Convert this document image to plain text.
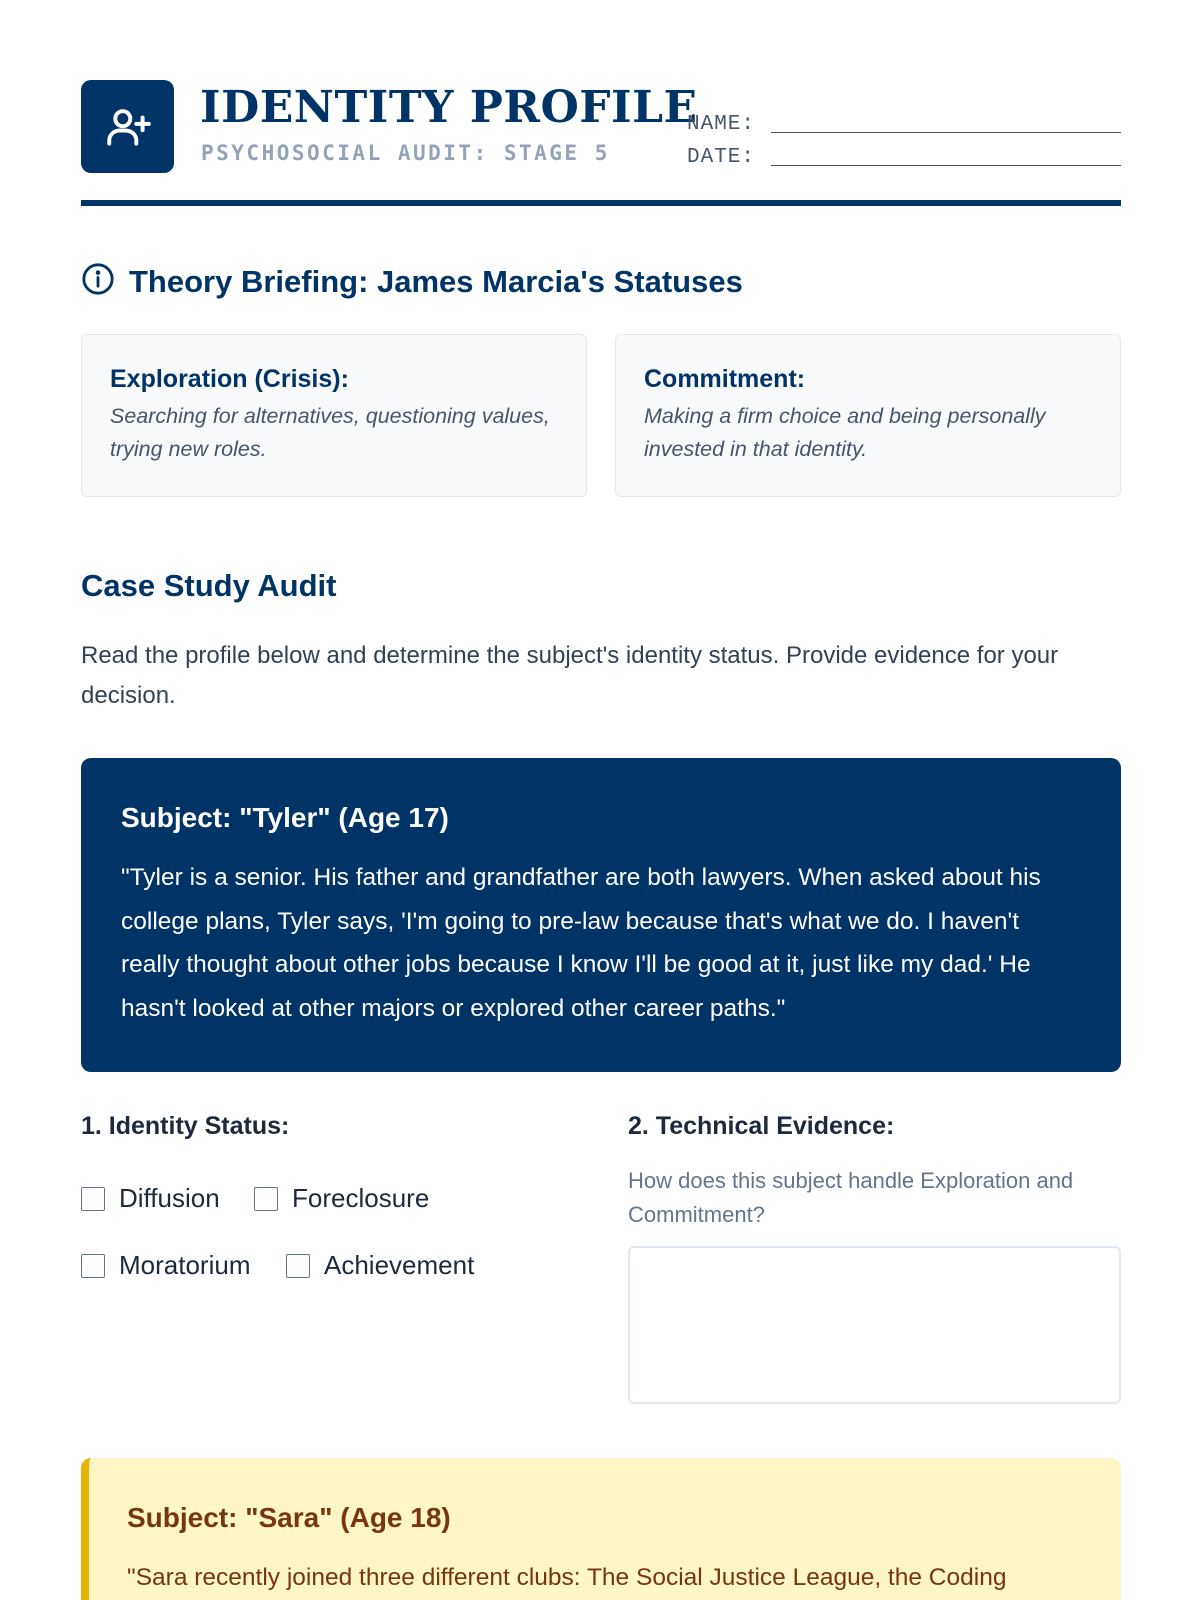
IDENTITY PROFILE
PSYCHOSOCIAL AUDIT: STAGE 5
NAME:
DATE:
Theory Briefing: James Marcia's Statuses
Exploration (Crisis):
Searching for alternatives, questioning values, trying new roles.
Commitment:
Making a firm choice and being personally invested in that identity.
Case Study Audit
Read the profile below and determine the subject's identity status. Provide evidence for your decision.
Subject: "Tyler" (Age 17)
"Tyler is a senior. His father and grandfather are both lawyers. When asked about his college plans, Tyler says, 'I'm going to pre-law because that's what we do. I haven't really thought about other jobs because I know I'll be good at it, just like my dad.' He hasn't looked at other majors or explored other career paths."
1. Identity Status:
Diffusion	Foreclosure
Moratorium	Achievement
2. Technical Evidence:
How does this subject handle Exploration and Commitment?
Subject: "Sara" (Age 18)
"Sara recently joined three different clubs: The Social Justice League, the Coding
